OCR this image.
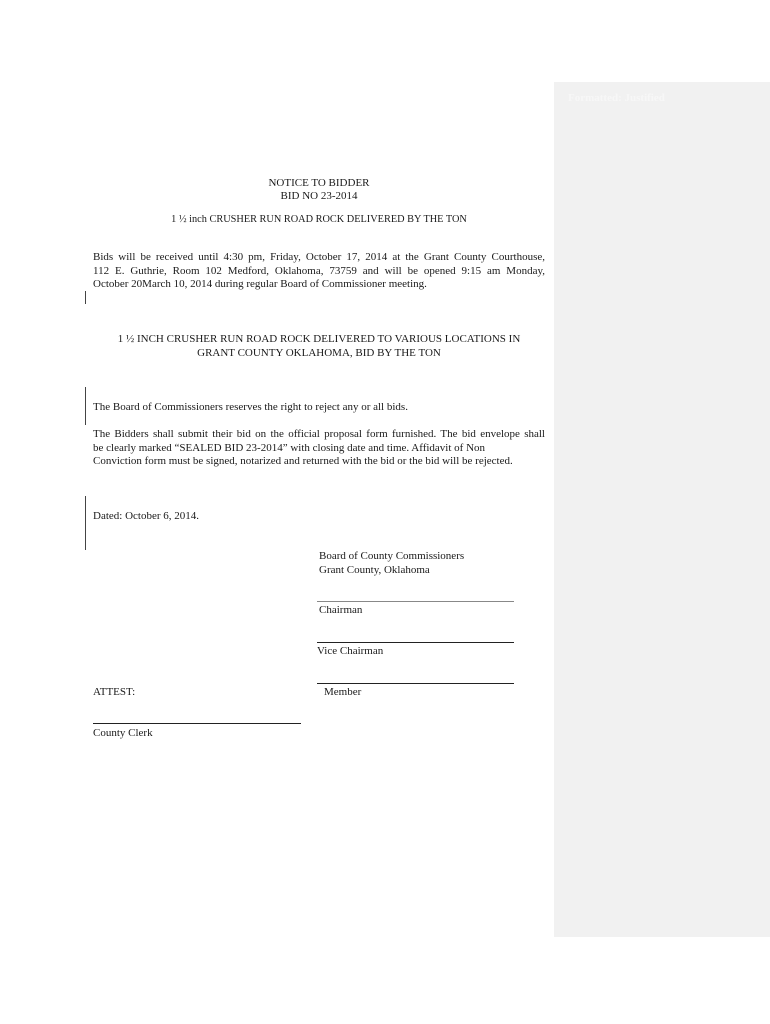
Formatted: Justified
NOTICE TO BIDDER
BID NO 23-2014
1 ½ inch CRUSHER RUN ROAD ROCK DELIVERED BY THE TON
Bids will be received until 4:30 pm, Friday, October 17, 2014 at the Grant County Courthouse,
112 E. Guthrie, Room 102 Medford, Oklahoma, 73759 and will be opened 9:15 am Monday,
October 20March 10, 2014 during regular Board of Commissioner meeting.
1 ½ INCH CRUSHER RUN ROAD ROCK DELIVERED TO VARIOUS LOCATIONS IN
GRANT COUNTY OKLAHOMA, BID BY THE TON
The Board of Commissioners reserves the right to reject any or all bids.
The Bidders shall submit their bid on the official proposal form furnished. The bid envelope shall
be clearly marked “SEALED BID 23-2014” with closing date and time. Affidavit of Non
Conviction form must be signed, notarized and returned with the bid or the bid will be rejected.
Dated: October 6, 2014.
Board of County Commissioners
Grant County, Oklahoma
Chairman
Vice Chairman
Member
ATTEST:
County Clerk
